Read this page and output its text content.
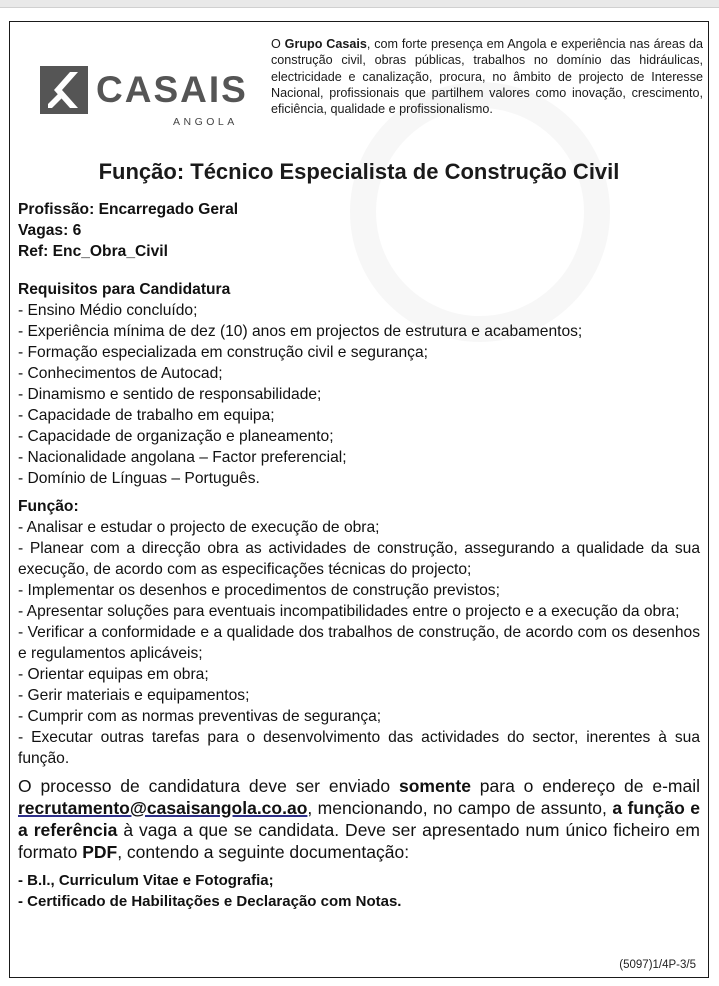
CASAIS
ANGOLA
O Grupo Casais, com forte presença em Angola e experiência nas áreas da construção civil, obras públicas, trabalhos no domínio das hidráulicas, electricidade e canalização, procura, no âmbito de projecto de Interesse Nacional, profissionais que partilhem valores como inovação, crescimento, eficiência, qualidade e profissionalismo.
Função: Técnico Especialista de Construção Civil
Profissão: Encarregado Geral
Vagas: 6
Ref: Enc_Obra_Civil
Requisitos para Candidatura
- Ensino Médio concluído;
- Experiência mínima de dez (10) anos em projectos de estrutura e acabamentos;
- Formação especializada em construção civil e segurança;
- Conhecimentos de Autocad;
- Dinamismo e sentido de responsabilidade;
- Capacidade de trabalho em equipa;
- Capacidade de organização e planeamento;
- Nacionalidade angolana – Factor preferencial;
- Domínio de Línguas – Português.
Função:
- Analisar e estudar o projecto de execução de obra;
- Planear com a direcção obra as actividades de construção, assegurando a qualidade da sua execução, de acordo com as especificações técnicas do projecto;
- Implementar os desenhos e procedimentos de construção previstos;
- Apresentar soluções para eventuais incompatibilidades entre o projecto e a execução da obra;
- Verificar a conformidade e a qualidade dos trabalhos de construção, de acordo com os desenhos e regulamentos aplicáveis;
- Orientar equipas em obra;
- Gerir materiais e equipamentos;
- Cumprir com as normas preventivas de segurança;
- Executar outras tarefas para o desenvolvimento das actividades do sector, inerentes à sua função.
O processo de candidatura deve ser enviado somente para o endereço de e-mail recrutamento@casaisangola.co.ao, mencionando, no campo de assunto, a função e a referência à vaga a que se candidata. Deve ser apresentado num único ficheiro em formato PDF, contendo a seguinte documentação:
- B.I., Curriculum Vitae e Fotografia;
- Certificado de Habilitações e Declaração com Notas.
(5097)1/4P-3/5
